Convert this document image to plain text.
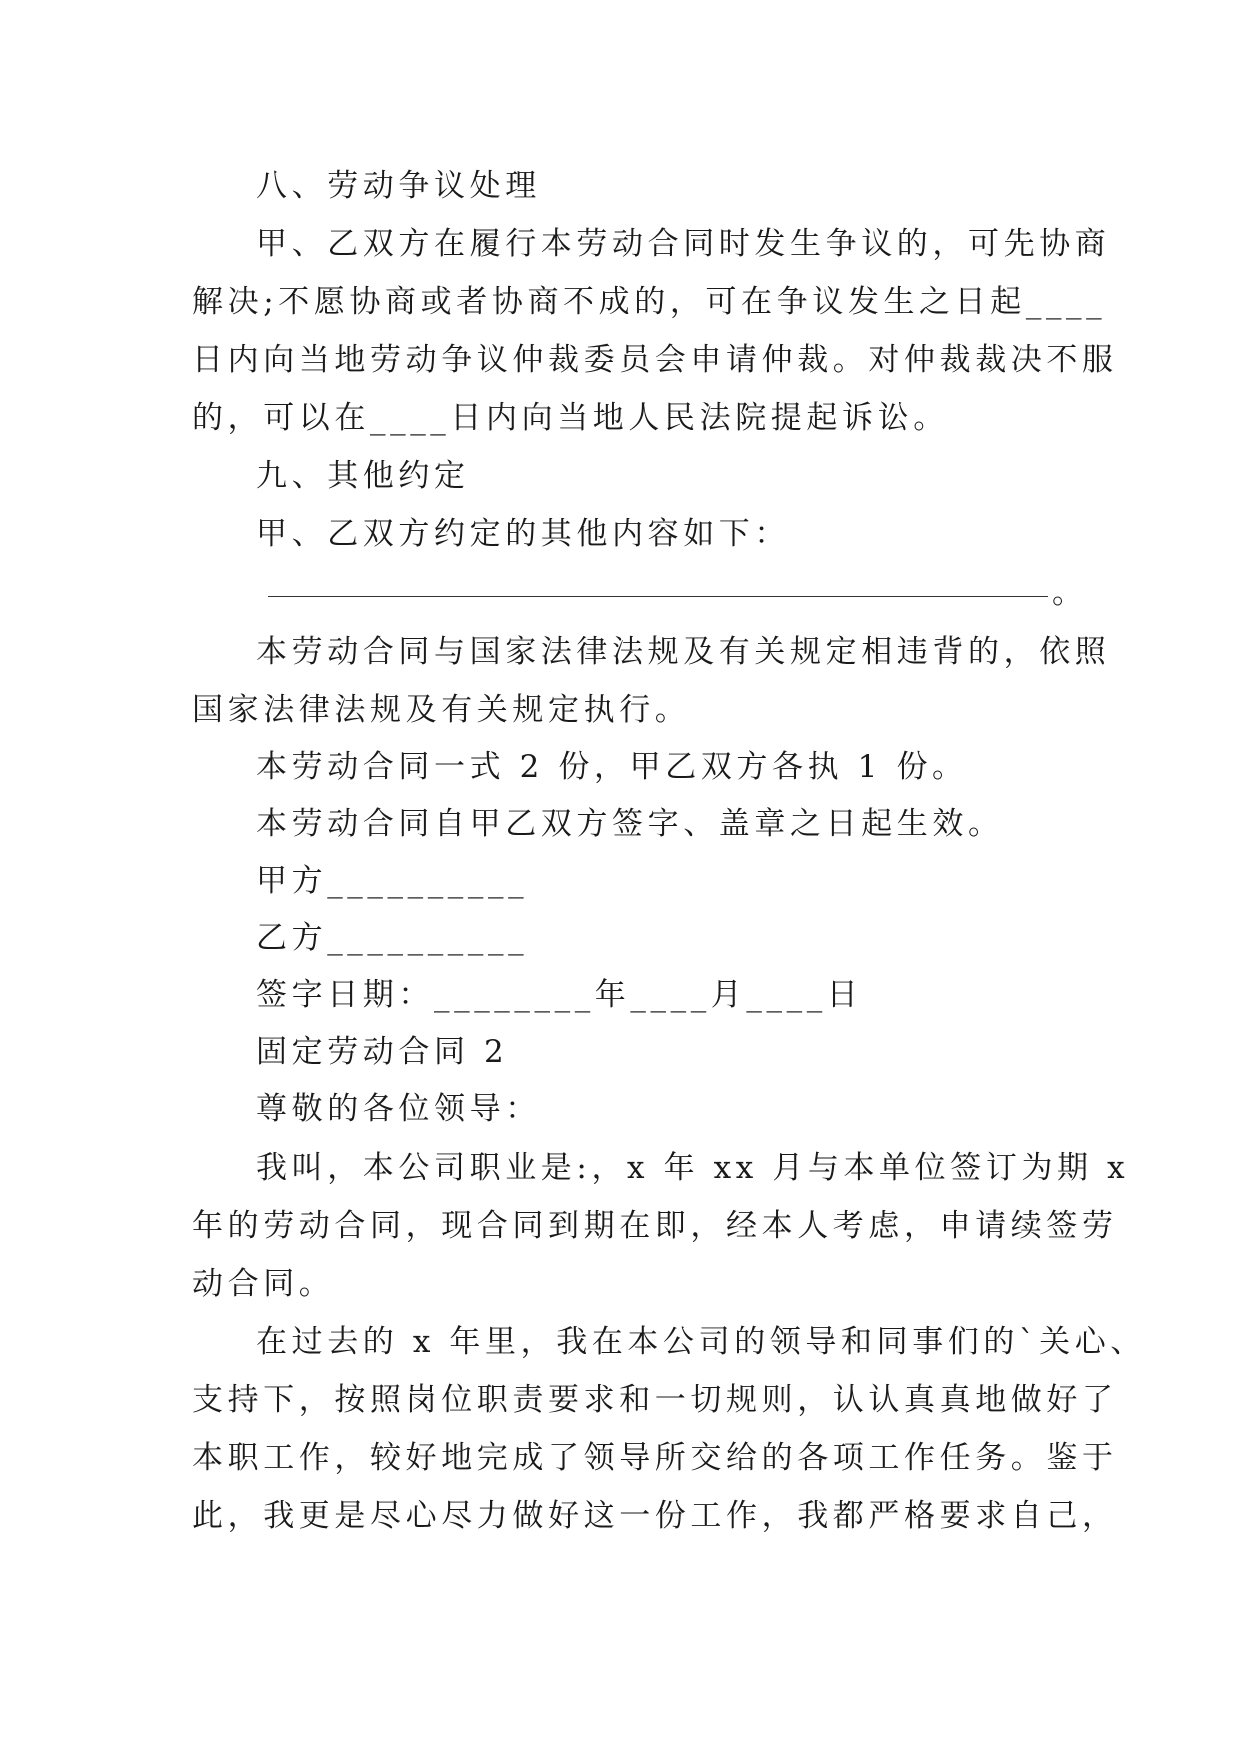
八、劳动争议处理
甲、乙双方在履行本劳动合同时发生争议的，可先协商
解决;不愿协商或者协商不成的，可在争议发生之日起____
日内向当地劳动争议仲裁委员会申请仲裁。对仲裁裁决不服
的，可以在____日内向当地人民法院提起诉讼。
九、其他约定
甲、乙双方约定的其他内容如下：
。
本劳动合同与国家法律法规及有关规定相违背的，依照
国家法律法规及有关规定执行。
本劳动合同一式 2 份，甲乙双方各执 1 份。
本劳动合同自甲乙双方签字、盖章之日起生效。
甲方__________
乙方__________
签字日期：________年____月____日
固定劳动合同 2
尊敬的各位领导：
我叫，本公司职业是:，x 年 xx 月与本单位签订为期 x
年的劳动合同，现合同到期在即，经本人考虑，申请续签劳
动合同。
在过去的 x 年里，我在本公司的领导和同事们的`关心、
支持下，按照岗位职责要求和一切规则，认认真真地做好了
本职工作，较好地完成了领导所交给的各项工作任务。鉴于
此，我更是尽心尽力做好这一份工作，我都严格要求自己，
